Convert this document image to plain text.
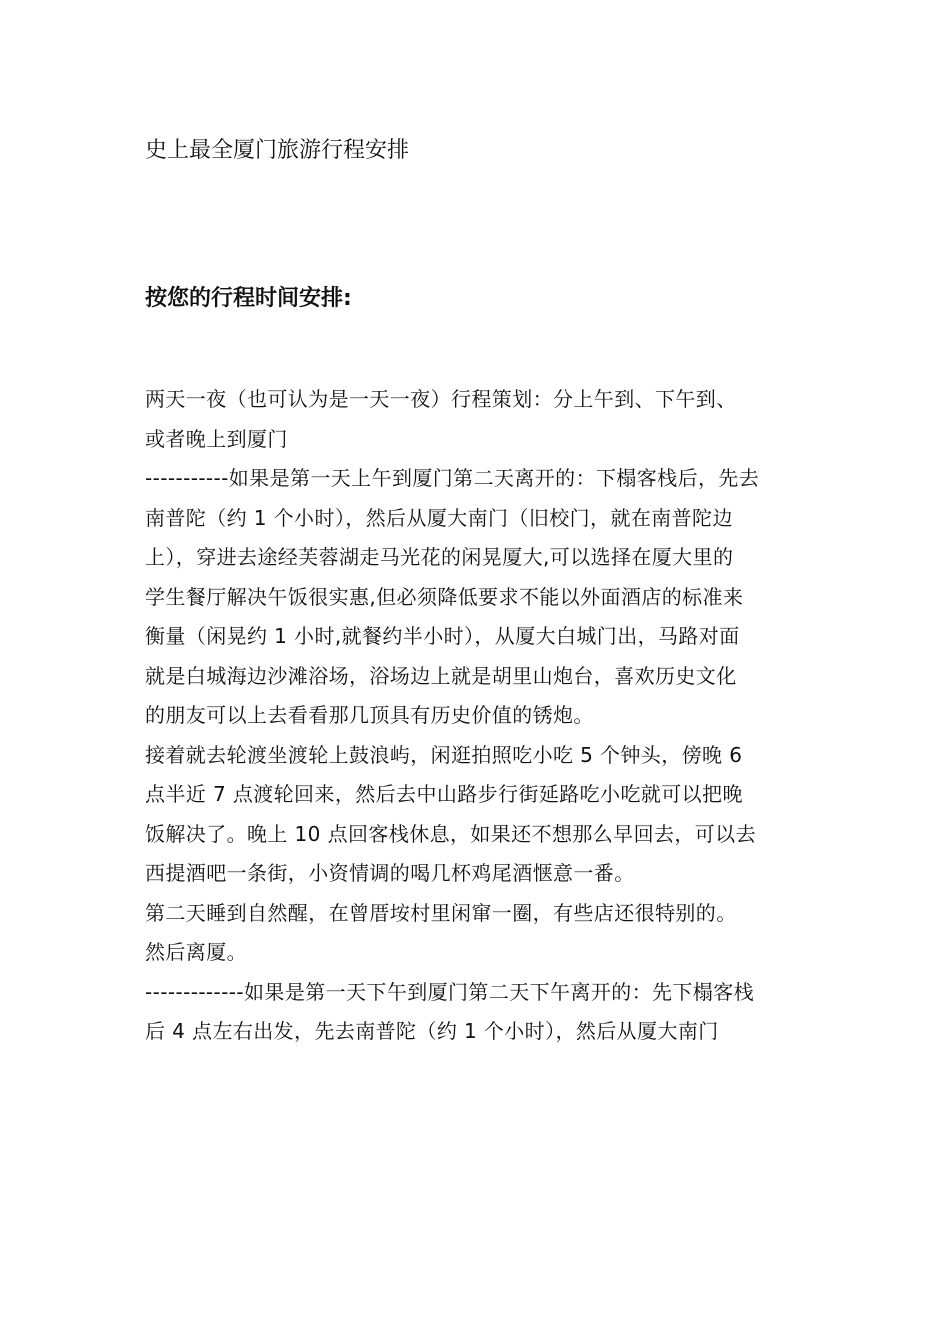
史上最全厦门旅游行程安排
按您的行程时间安排:
两天一夜（也可认为是一天一夜）行程策划：分上午到、下午到、
或者晚上到厦门
-----------如果是第一天上午到厦门第二天离开的：下榻客栈后，先去
南普陀（约 1 个小时），然后从厦大南门（旧校门，就在南普陀边
上），穿进去途经芙蓉湖走马光花的闲晃厦大,可以选择在厦大里的
学生餐厅解决午饭很实惠,但必须降低要求不能以外面酒店的标准来
衡量（闲晃约 1 小时,就餐约半小时），从厦大白城门出，马路对面
就是白城海边沙滩浴场，浴场边上就是胡里山炮台，喜欢历史文化
的朋友可以上去看看那几顶具有历史价值的锈炮。
接着就去轮渡坐渡轮上鼓浪屿，闲逛拍照吃小吃 5 个钟头，傍晚 6
点半近 7 点渡轮回来，然后去中山路步行街延路吃小吃就可以把晚
饭解决了。晚上 10 点回客栈休息，如果还不想那么早回去，可以去
西提酒吧一条街，小资情调的喝几杯鸡尾酒惬意一番。
第二天睡到自然醒，在曾厝垵村里闲窜一圈，有些店还很特别的。
然后离厦。
-------------如果是第一天下午到厦门第二天下午离开的：先下榻客栈
后 4 点左右出发，先去南普陀（约 1 个小时），然后从厦大南门
